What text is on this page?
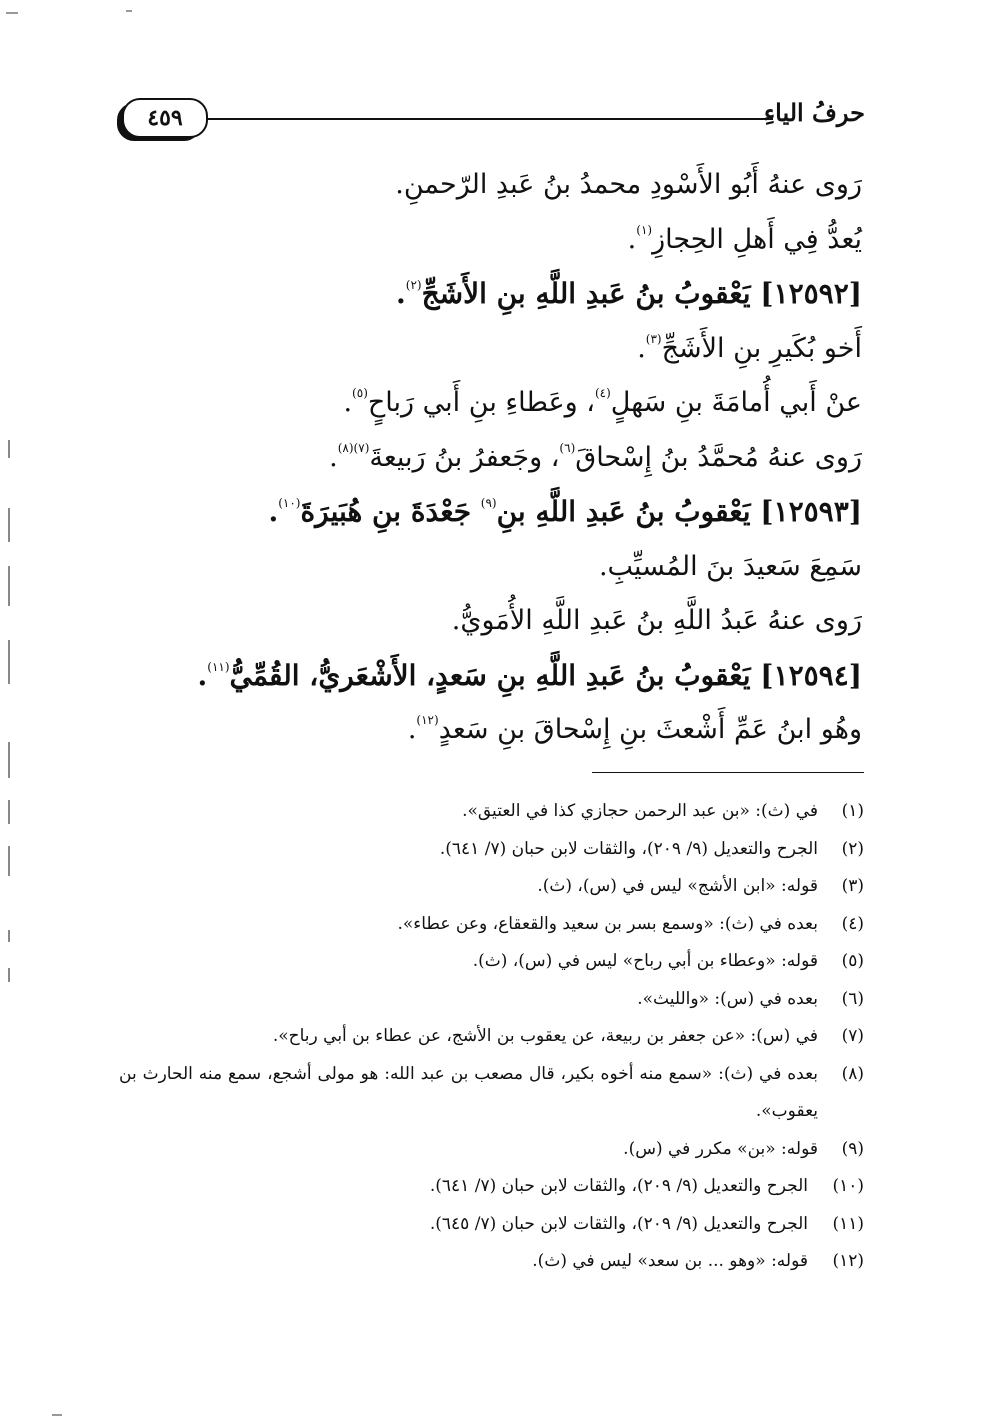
حرفُ الياءِ
٤٥٩
رَوى عنهُ أَبُو الأَسْودِ محمدُ بنُ عَبدِ الرّحمنِ.
يُعدُّ فِي أَهلِ الحِجازِ$^{(١)}$.
[١٢٥٩٢] يَعْقوبُ بنُ عَبدِ اللَّهِ بنِ الأَشَجِّ$^{(٢)}$.
أَخو بُكَيرِ بنِ الأَشَجِّ$^{(٣)}$.
عنْ أَبي أُمامَةَ بنِ سَهلٍ$^{(٤)}$، وعَطاءِ بنِ أَبي رَباحٍ$^{(٥)}$.
رَوى عنهُ مُحمَّدُ بنُ إِسْحاقَ$^{(٦)}$، وجَعفرُ بنُ رَبيعةَ$^{(٧)(٨)}$.
[١٢٥٩٣] يَعْقوبُ بنُ عَبدِ اللَّهِ بنِ$^{(٩)}$ جَعْدَةَ بنِ هُبَيرَةَ$^{(١٠)}$.
سَمِعَ سَعيدَ بنَ المُسيِّبِ.
رَوى عنهُ عَبدُ اللَّهِ بنُ عَبدِ اللَّهِ الأُمَويُّ.
[١٢٥٩٤] يَعْقوبُ بنُ عَبدِ اللَّهِ بنِ سَعدٍ، الأَشْعَريُّ، القُمِّيُّ$^{(١١)}$.
وهُو ابنُ عَمِّ أَشْعثَ بنِ إِسْحاقَ بنِ سَعدٍ$^{(١٢)}$.
(١)
في (ث): «بن عبد الرحمن حجازي كذا في العتيق».
(٢)
الجرح والتعديل (٩/ ٢٠٩)، والثقات لابن حبان (٧/ ٦٤١).
(٣)
قوله: «ابن الأشج» ليس في (س)، (ث).
(٤)
بعده في (ث): «وسمع بسر بن سعيد والقعقاع، وعن عطاء».
(٥)
قوله: «وعطاء بن أبي رباح» ليس في (س)، (ث).
(٦)
بعده في (س): «والليث».
(٧)
في (س): «عن جعفر بن ربيعة، عن يعقوب بن الأشج، عن عطاء بن أبي رباح».
(٨)
بعده في (ث): «سمع منه أخوه بكير، قال مصعب بن عبد الله: هو مولى أشجع، سمع منه الحارث بن يعقوب».
(٩)
قوله: «بن» مكرر في (س).
(١٠)
الجرح والتعديل (٩/ ٢٠٩)، والثقات لابن حبان (٧/ ٦٤١).
(١١)
الجرح والتعديل (٩/ ٢٠٩)، والثقات لابن حبان (٧/ ٦٤٥).
(١٢)
قوله: «وهو ... بن سعد» ليس في (ث).
